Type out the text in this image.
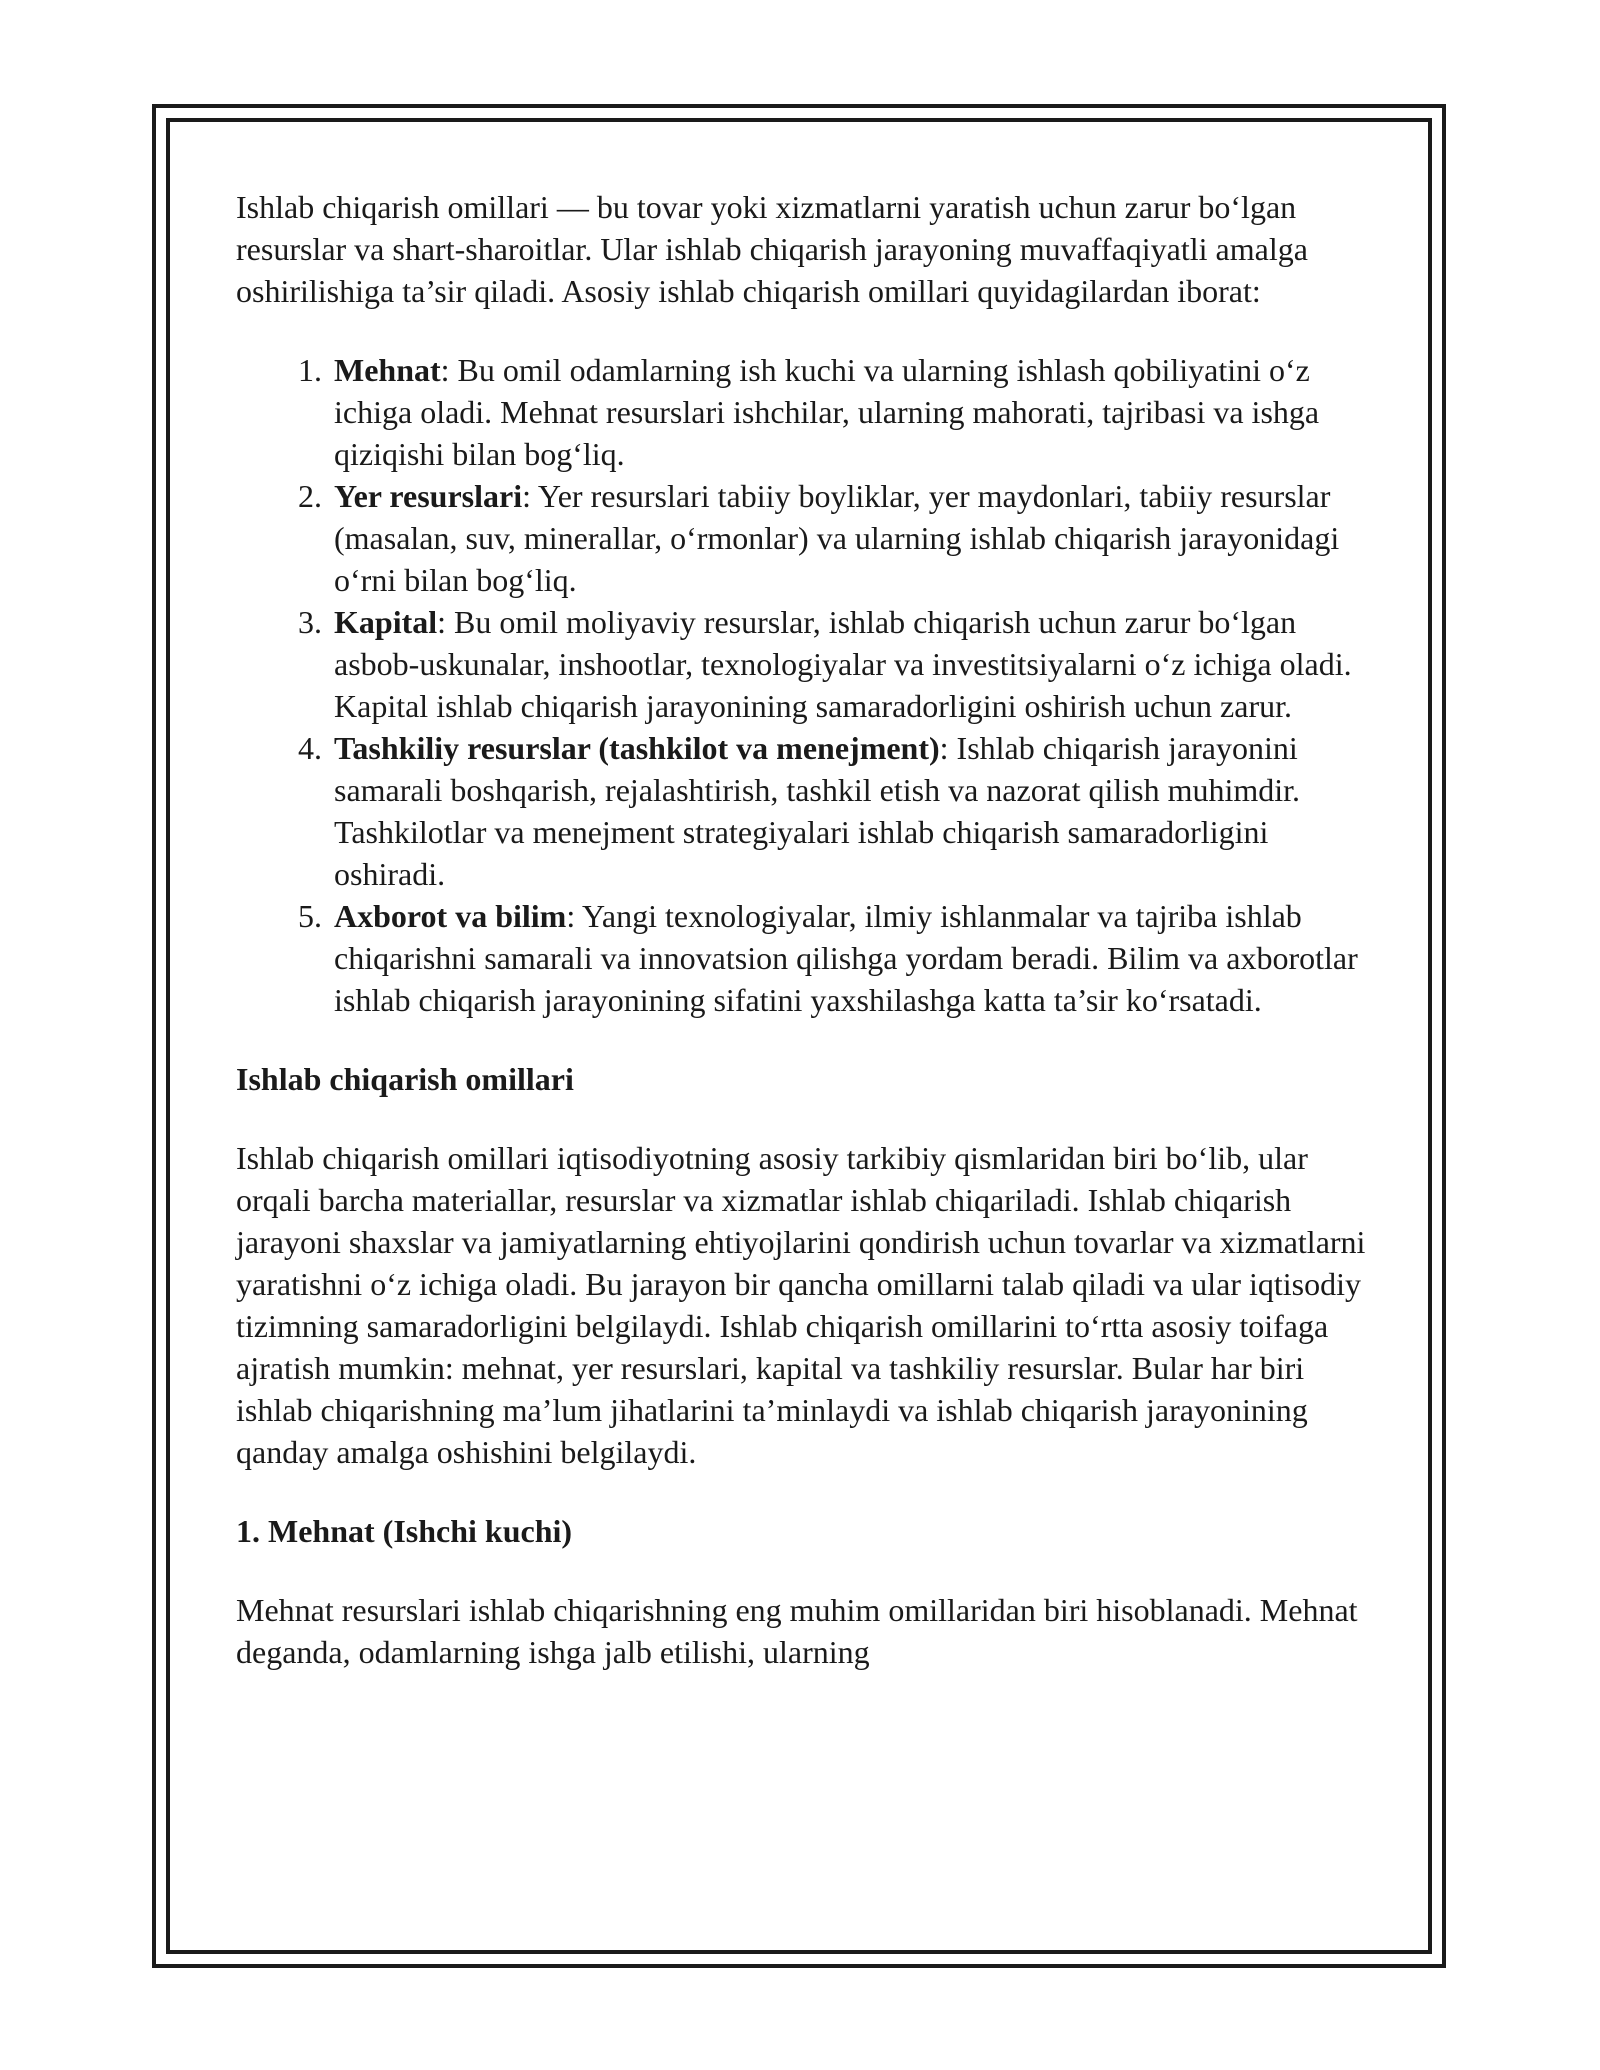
Ishlab chiqarish omillari — bu tovar yoki xizmatlarni yaratish uchun zarur bo‘lgan resurslar va shart-sharoitlar. Ular ishlab chiqarish jarayoning muvaffaqiyatli amalga oshirilishiga ta’sir qiladi. Asosiy ishlab chiqarish omillari quyidagilardan iborat:

1. Mehnat: Bu omil odamlarning ish kuchi va ularning ishlash qobiliyatini o‘z ichiga oladi. Mehnat resurslari ishchilar, ularning mahorati, tajribasi va ishga qiziqishi bilan bog‘liq.
2. Yer resurslari: Yer resurslari tabiiy boyliklar, yer maydonlari, tabiiy resurslar (masalan, suv, minerallar, o‘rmonlar) va ularning ishlab chiqarish jarayonidagi o‘rni bilan bog‘liq.
3. Kapital: Bu omil moliyaviy resurslar, ishlab chiqarish uchun zarur bo‘lgan asbob-uskunalar, inshootlar, texnologiyalar va investitsiyalarni o‘z ichiga oladi. Kapital ishlab chiqarish jarayonining samaradorligini oshirish uchun zarur.
4. Tashkiliy resurslar (tashkilot va menejment): Ishlab chiqarish jarayonini samarali boshqarish, rejalashtirish, tashkil etish va nazorat qilish muhimdir. Tashkilotlar va menejment strategiyalari ishlab chiqarish samaradorligini oshiradi.
5. Axborot va bilim: Yangi texnologiyalar, ilmiy ishlanmalar va tajriba ishlab chiqarishni samarali va innovatsion qilishga yordam beradi. Bilim va axborotlar ishlab chiqarish jarayonining sifatini yaxshilashga katta ta’sir ko‘rsatadi.

Ishlab chiqarish omillari

Ishlab chiqarish omillari iqtisodiyotning asosiy tarkibiy qismlaridan biri bo‘lib, ular orqali barcha materiallar, resurslar va xizmatlar ishlab chiqariladi. Ishlab chiqarish jarayoni shaxslar va jamiyatlarning ehtiyojlarini qondirish uchun tovarlar va xizmatlarni yaratishni o‘z ichiga oladi. Bu jarayon bir qancha omillarni talab qiladi va ular iqtisodiy tizimning samaradorligini belgilaydi. Ishlab chiqarish omillarini to‘rtta asosiy toifaga ajratish mumkin: mehnat, yer resurslari, kapital va tashkiliy resurslar. Bular har biri ishlab chiqarishning ma’lum jihatlarini ta’minlaydi va ishlab chiqarish jarayonining qanday amalga oshishini belgilaydi.

1. Mehnat (Ishchi kuchi)

Mehnat resurslari ishlab chiqarishning eng muhim omillaridan biri hisoblanadi. Mehnat deganda, odamlarning ishga jalb etilishi, ularning
